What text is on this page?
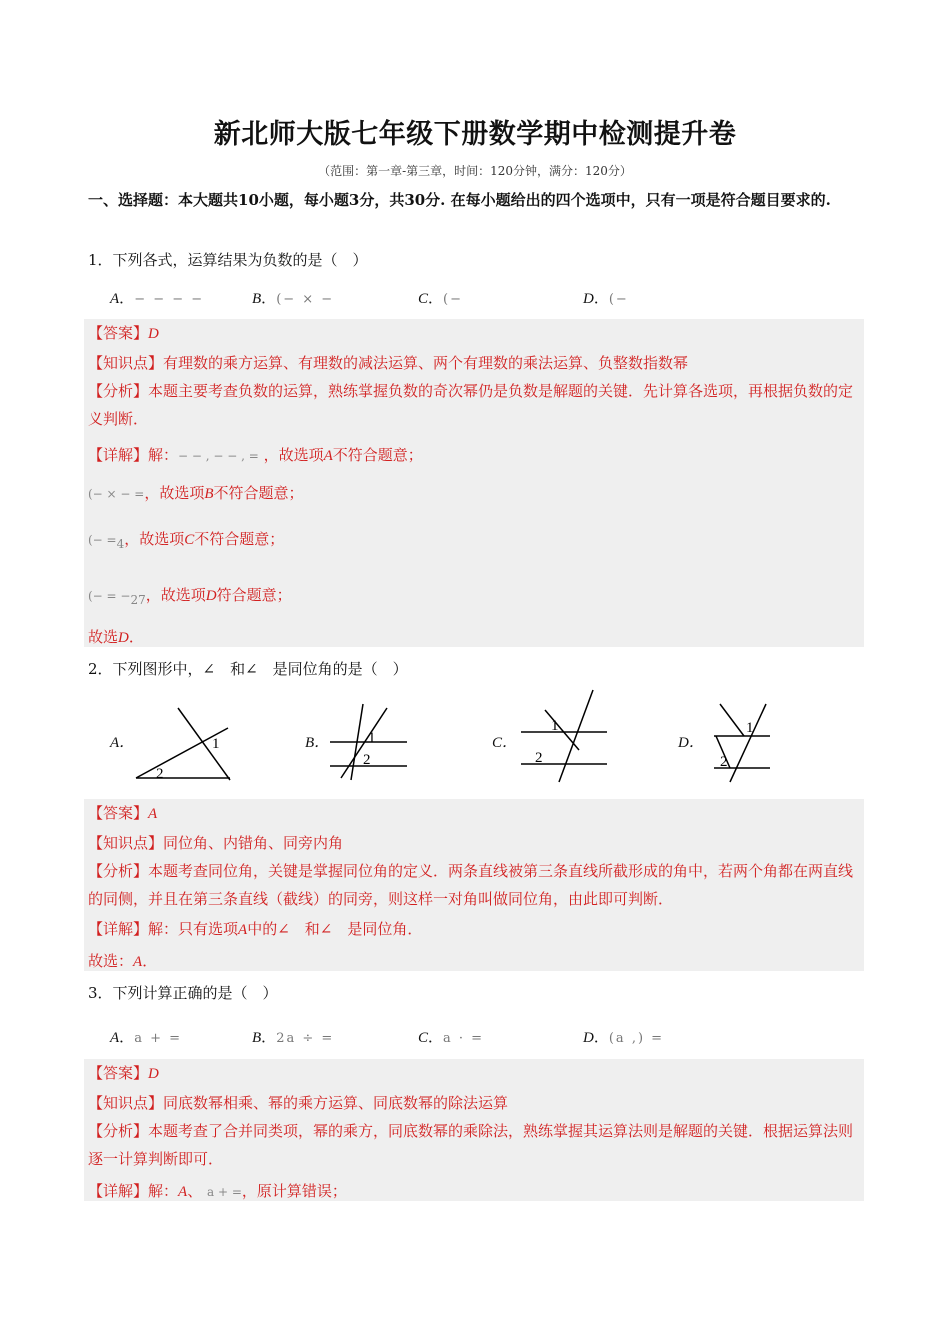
新北师大版七年级下册数学期中检测提升卷
（范围：第一章-第三章，时间：120分钟，满分：120分）
一、选择题：本大题共10小题，每小题3分，共30分. 在每小题给出的四个选项中，只有一项是符合题目要求的.
1．下列各式，运算结果为负数的是（　）
A．− − − −	B．(− × −	C．(−	D．(−
【答案】D
【知识点】有理数的乘方运算、有理数的减法运算、两个有理数的乘法运算、负整数指数幂
【分析】本题主要考查负数的运算，熟练掌握负数的奇次幂仍是负数是解题的关键．先计算各选项，再根据负数的定义判断．
【详解】解：− − , − − , = ，故选项A不符合题意；
(− × − =，故选项B不符合题意；
(− $=_4$，故选项C不符合题意；
(− = $-_{27}$，故选项D符合题意；
故选D．
2．下列图形中，∠　和∠　是同位角的是（　）
A．	1
2
B．	1
2
C．
1
2
D．
1
2
【答案】A
【知识点】同位角、内错角、同旁内角
【分析】本题考查同位角，关键是掌握同位角的定义．两条直线被第三条直线所截形成的角中，若两个角都在两直线的同侧，并且在第三条直线（截线）的同旁，则这样一对角叫做同位角，由此即可判断．
【详解】解：只有选项A中的∠　和∠　是同位角．
故选：A．
3．下列计算正确的是（　）
A．a + =	B．2a ÷ =	C．a · =	D．(a ,) =
【答案】D
【知识点】同底数幂相乘、幂的乘方运算、同底数幂的除法运算
【分析】本题考查了合并同类项，幂的乘方，同底数幂的乘除法，熟练掌握其运算法则是解题的关键．根据运算法则逐一计算判断即可．
【详解】解：A、 a + =，原计算错误；
